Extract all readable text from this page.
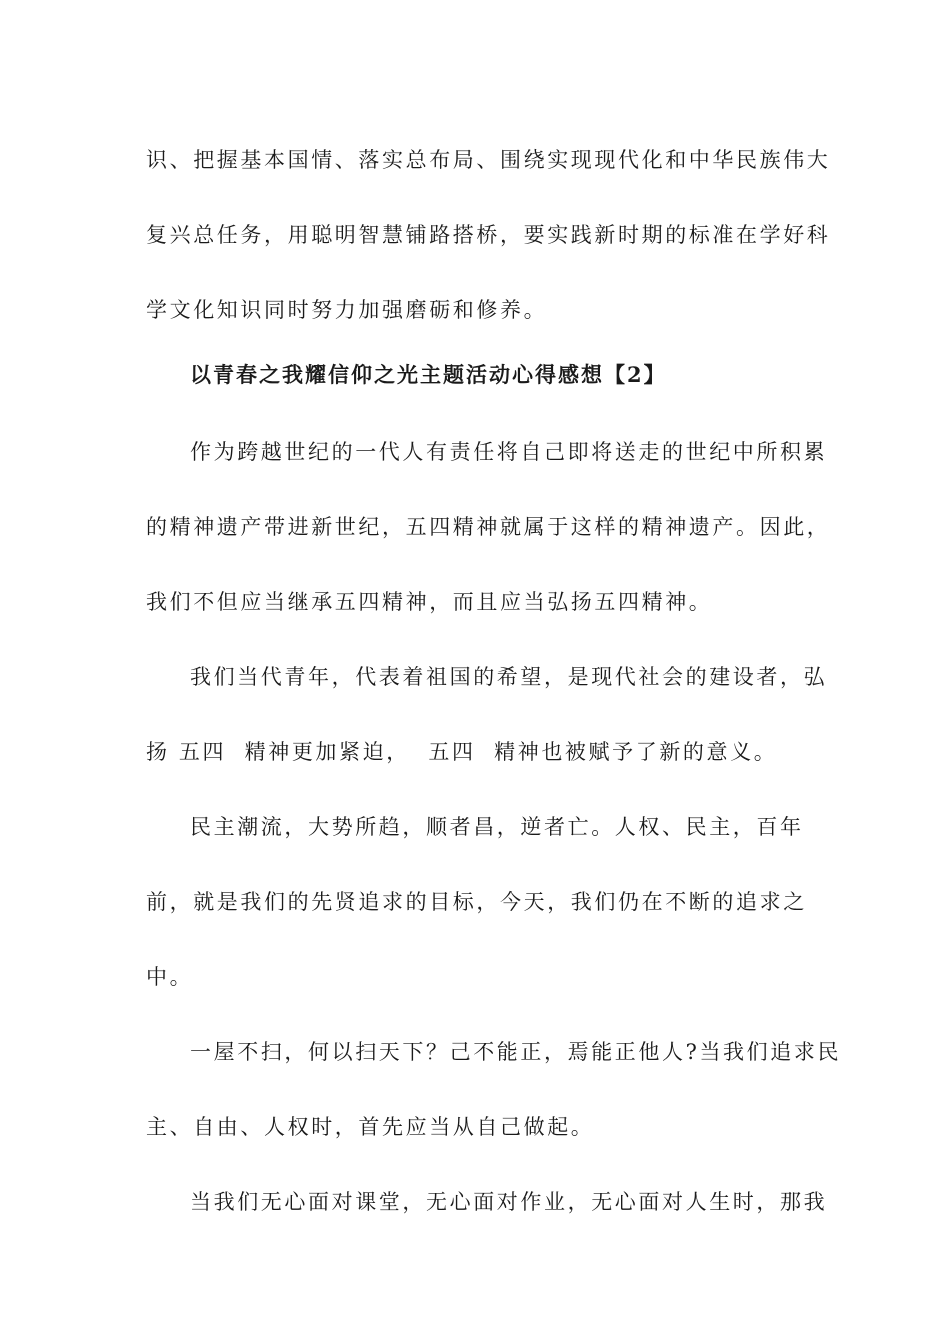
识、把握基本国情、落实总布局、围绕实现现代化和中华民族伟大
复兴总任务，用聪明智慧铺路搭桥，要实践新时期的标准在学好科
学文化知识同时努力加强磨砺和修养。
以青春之我耀信仰之光主题活动心得感想【2】
作为跨越世纪的一代人有责任将自己即将送走的世纪中所积累
的精神遗产带进新世纪，五四精神就属于这样的精神遗产。因此，
我们不但应当继承五四精神，而且应当弘扬五四精神。
我们当代青年，代表着祖国的希望，是现代社会的建设者，弘
扬 五四  精神更加紧迫，  五四  精神也被赋予了新的意义。
民主潮流，大势所趋，顺者昌，逆者亡。人权、民主，百年
前，就是我们的先贤追求的目标，今天，我们仍在不断的追求之
中。
一屋不扫，何以扫天下？己不能正，焉能正他人?当我们追求民
主、自由、人权时，首先应当从自己做起。
当我们无心面对课堂，无心面对作业，无心面对人生时，那我
